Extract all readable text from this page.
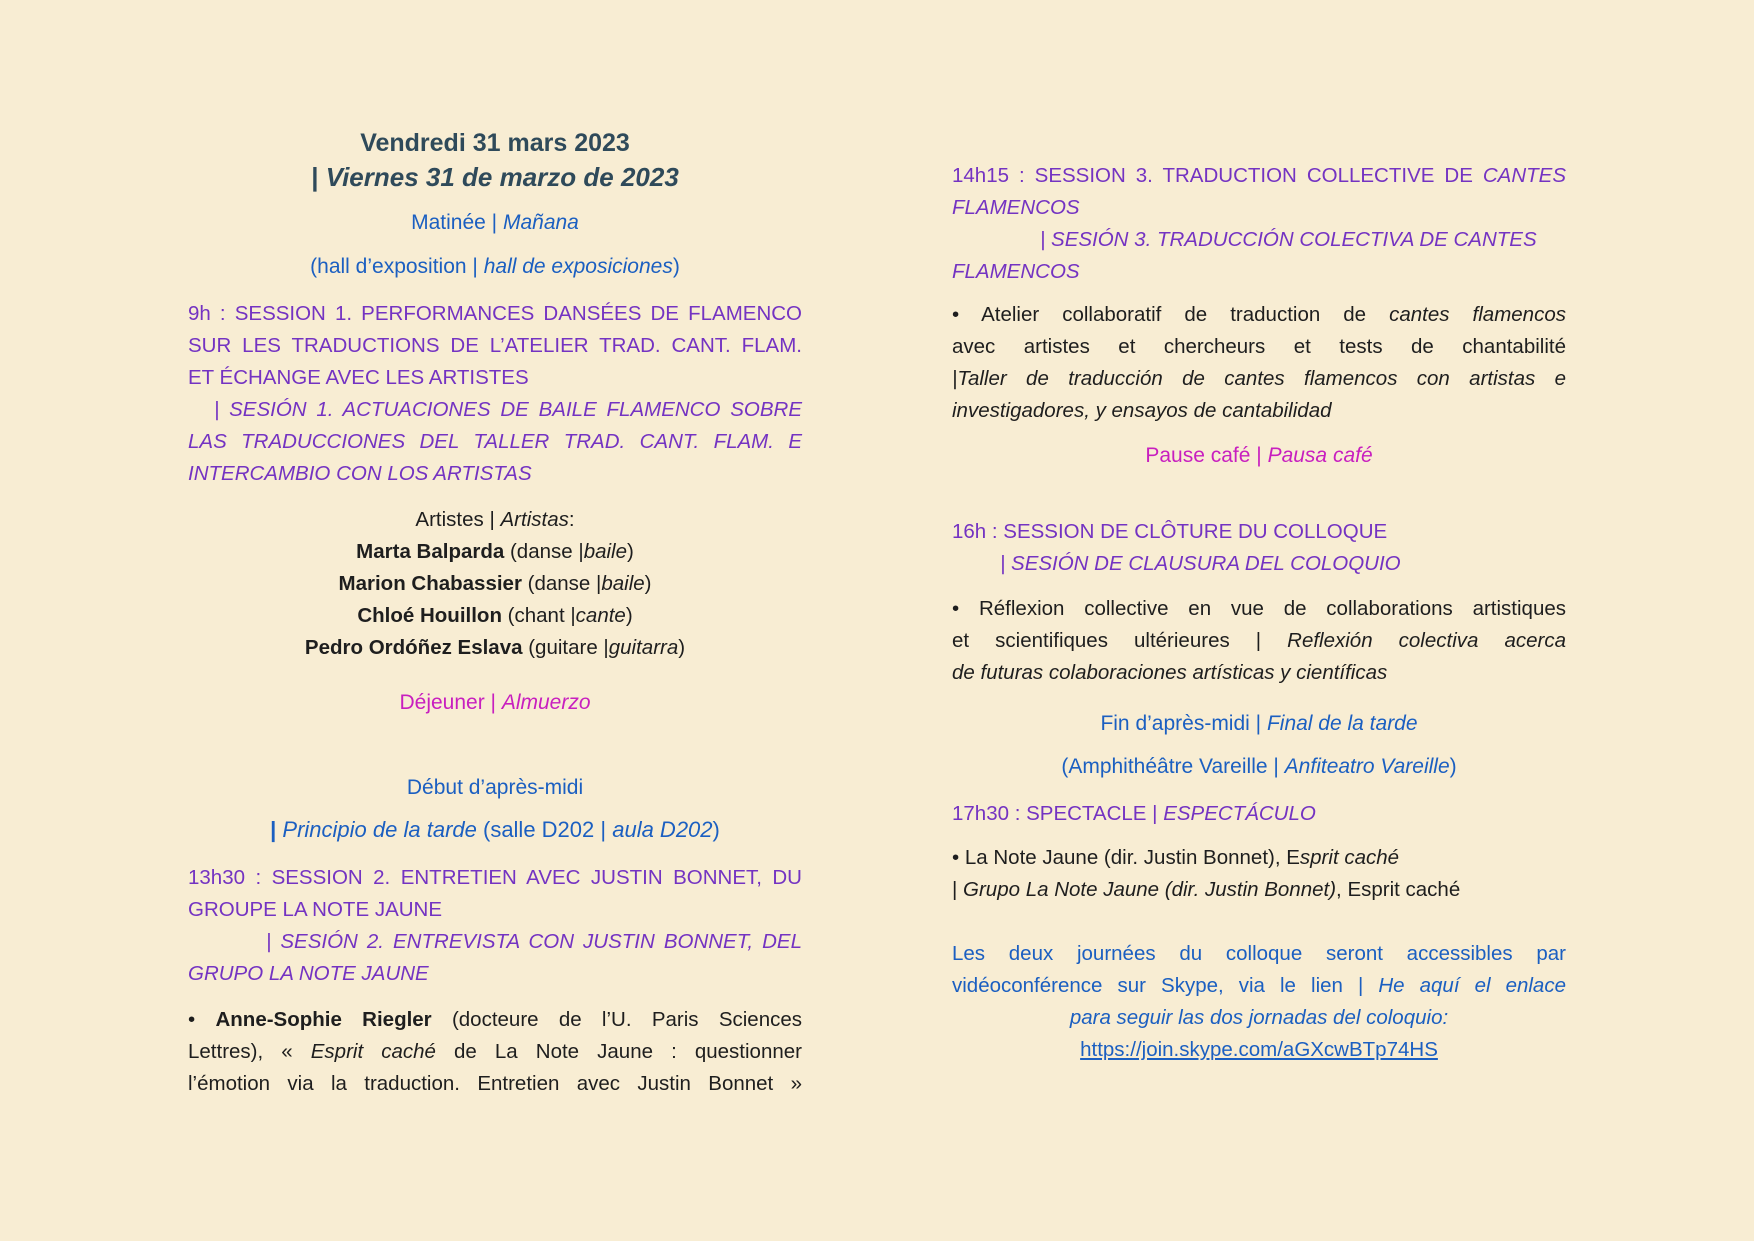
Vendredi 31 mars 2023
| Viernes 31 de marzo de 2023
Matinée | Mañana
(hall d’exposition | hall de exposiciones)
9h : SESSION 1. PERFORMANCES DANSÉES DE FLAMENCO
SUR LES TRADUCTIONS DE L’ATELIER TRAD. CANT. FLAM.
ET ÉCHANGE AVEC LES ARTISTES
| SESIÓN 1. ACTUACIONES DE BAILE FLAMENCO SOBRE
LAS TRADUCCIONES DEL TALLER TRAD. CANT. FLAM. E
INTERCAMBIO CON LOS ARTISTAS
Artistes | Artistas:
Marta Balparda (danse |baile)
Marion Chabassier (danse |baile)
Chloé Houillon (chant |cante)
Pedro Ordóñez Eslava (guitare |guitarra)
Déjeuner | Almuerzo
Début d’après-midi
| Principio de la tarde (salle D202 | aula D202)
13h30 : SESSION 2. ENTRETIEN AVEC JUSTIN BONNET, DU
GROUPE LA NOTE JAUNE
| SESIÓN 2. ENTREVISTA CON JUSTIN BONNET, DEL
GRUPO LA NOTE JAUNE
• Anne-Sophie Riegler (docteure de l’U. Paris Sciences
Lettres), « Esprit caché de La Note Jaune : questionner
l’émotion via la traduction. Entretien avec Justin Bonnet »
14h15 : SESSION 3. TRADUCTION COLLECTIVE DE CANTES
FLAMENCOS
| SESIÓN 3. TRADUCCIÓN COLECTIVA DE CANTES
FLAMENCOS
• Atelier collaboratif de traduction de cantes flamencos
avec artistes et chercheurs et tests de chantabilité
|Taller de traducción de cantes flamencos con artistas e
investigadores, y ensayos de cantabilidad
Pause café | Pausa café
16h : SESSION DE CLÔTURE DU COLLOQUE
| SESIÓN DE CLAUSURA DEL COLOQUIO
• Réflexion collective en vue de collaborations artistiques
et scientifiques ultérieures | Reflexión colectiva acerca
de futuras colaboraciones artísticas y científicas
Fin d’après-midi | Final de la tarde
(Amphithéâtre Vareille | Anfiteatro Vareille)
17h30 : SPECTACLE | ESPECTÁCULO
• La Note Jaune (dir. Justin Bonnet), Esprit caché
| Grupo La Note Jaune (dir. Justin Bonnet), Esprit caché
Les deux journées du colloque seront accessibles par
vidéoconférence sur Skype, via le lien | He aquí el enlace
para seguir las dos jornadas del coloquio:
https://join.skype.com/aGXcwBTp74HS
